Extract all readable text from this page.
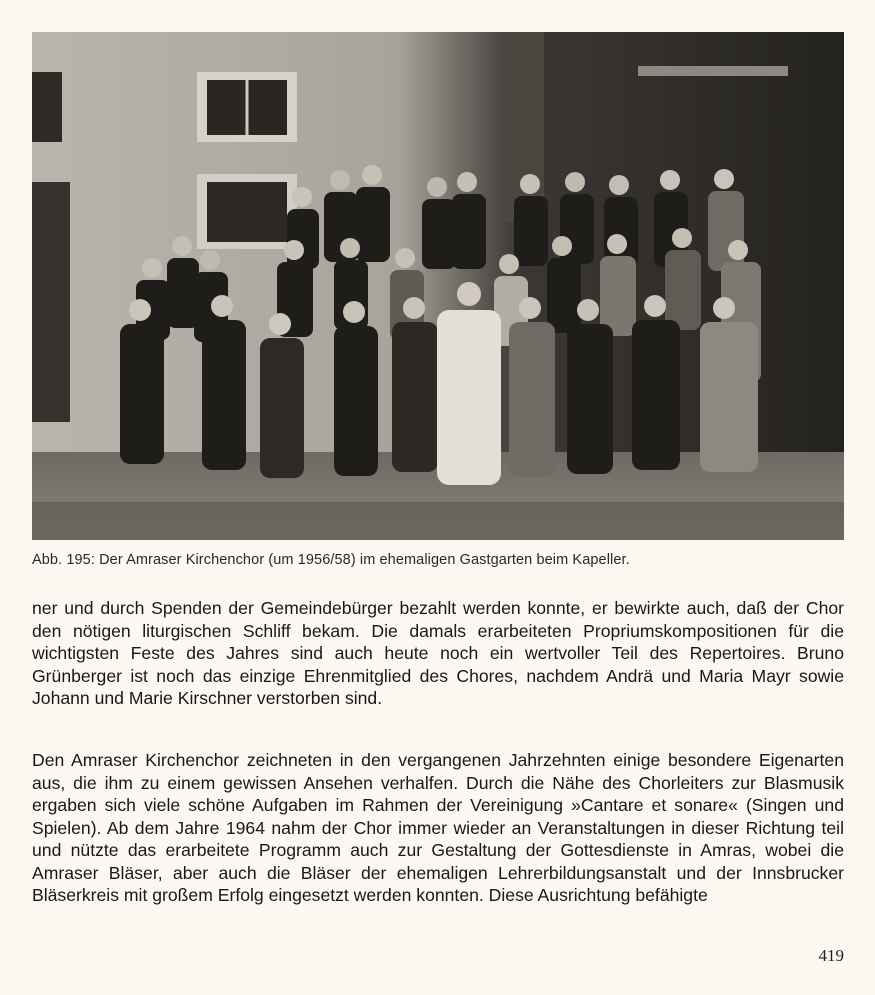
Abb. 195: Der Amraser Kirchenchor (um 1956/58) im ehemaligen Gastgarten beim Kapeller.

ner und durch Spenden der Gemeindebürger bezahlt werden konnte, er bewirkte auch, daß der Chor den nötigen liturgischen Schliff bekam. Die damals erarbeiteten Propriumskompositionen für die wichtigsten Feste des Jahres sind auch heute noch ein wertvoller Teil des Repertoires. Bruno Grünberger ist noch das einzige Ehrenmitglied des Chores, nachdem Andrä und Maria Mayr sowie Johann und Marie Kirschner verstorben sind.

Den Amraser Kirchenchor zeichneten in den vergangenen Jahrzehnten einige besondere Eigenarten aus, die ihm zu einem gewissen Ansehen verhalfen. Durch die Nähe des Chorleiters zur Blasmusik ergaben sich viele schöne Aufgaben im Rahmen der Vereinigung »Cantare et sonare« (Singen und Spielen). Ab dem Jahre 1964 nahm der Chor immer wieder an Veranstaltungen in dieser Richtung teil und nützte das erarbeitete Programm auch zur Gestaltung der Gottesdienste in Amras, wobei die Amraser Bläser, aber auch die Bläser der ehemaligen Lehrerbildungsanstalt und der Innsbrucker Bläserkreis mit großem Erfolg eingesetzt werden konnten. Diese Ausrichtung befähigte

419
